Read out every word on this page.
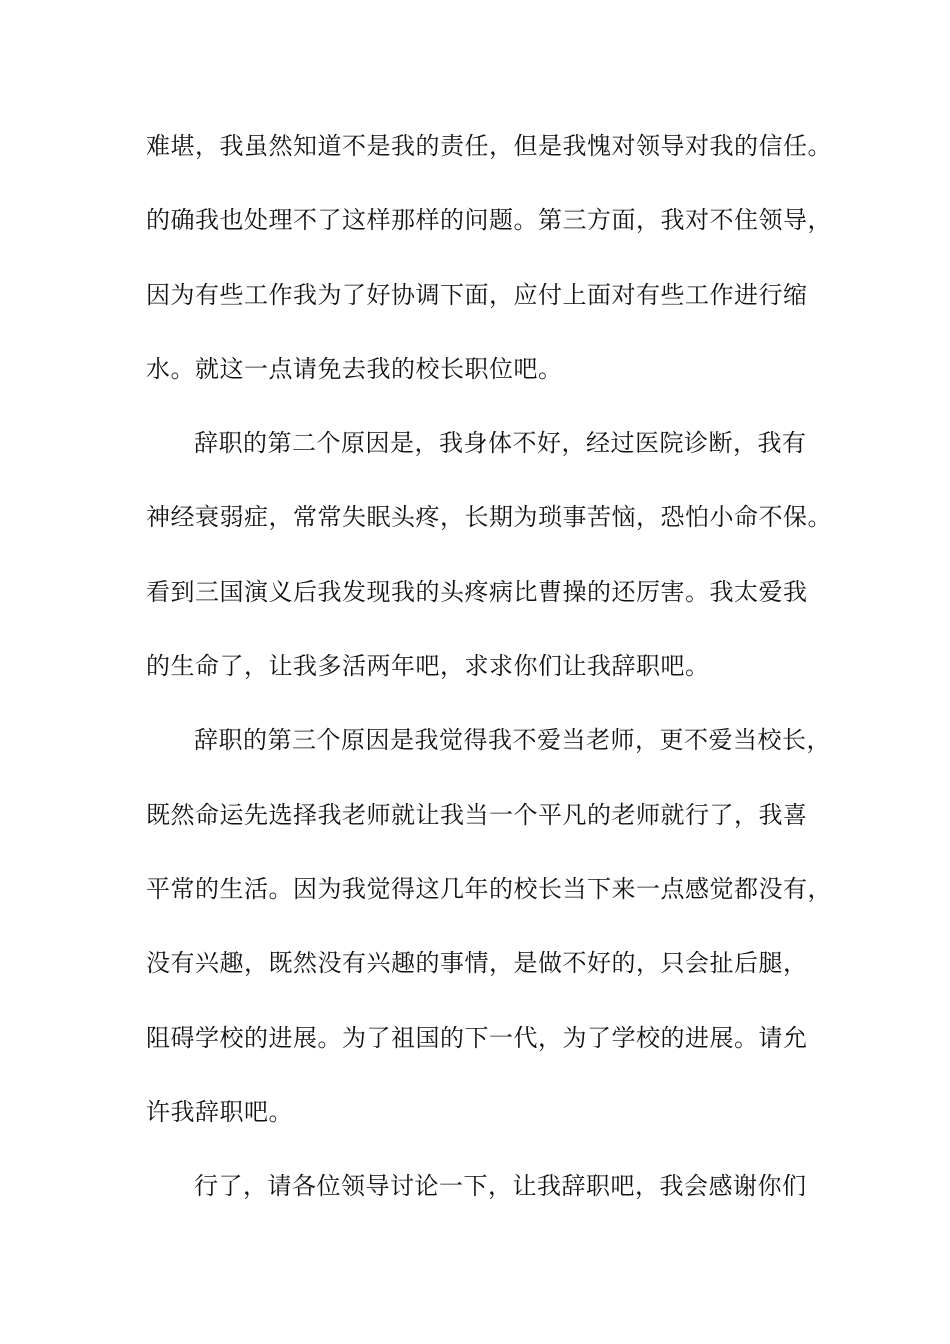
难堪，我虽然知道不是我的责任，但是我愧对领导对我的信任。
的确我也处理不了这样那样的问题。第三方面，我对不住领导，
因为有些工作我为了好协调下面，应付上面对有些工作进行缩
水。就这一点请免去我的校长职位吧。
辞职的第二个原因是，我身体不好，经过医院诊断，我有
神经衰弱症，常常失眠头疼，长期为琐事苦恼，恐怕小命不保。
看到三国演义后我发现我的头疼病比曹操的还厉害。我太爱我
的生命了，让我多活两年吧，求求你们让我辞职吧。
辞职的第三个原因是我觉得我不爱当老师，更不爱当校长，
既然命运先选择我老师就让我当一个平凡的老师就行了，我喜
平常的生活。因为我觉得这几年的校长当下来一点感觉都没有，
没有兴趣，既然没有兴趣的事情，是做不好的，只会扯后腿，
阻碍学校的进展。为了祖国的下一代，为了学校的进展。请允
许我辞职吧。
行了，请各位领导讨论一下，让我辞职吧，我会感谢你们
